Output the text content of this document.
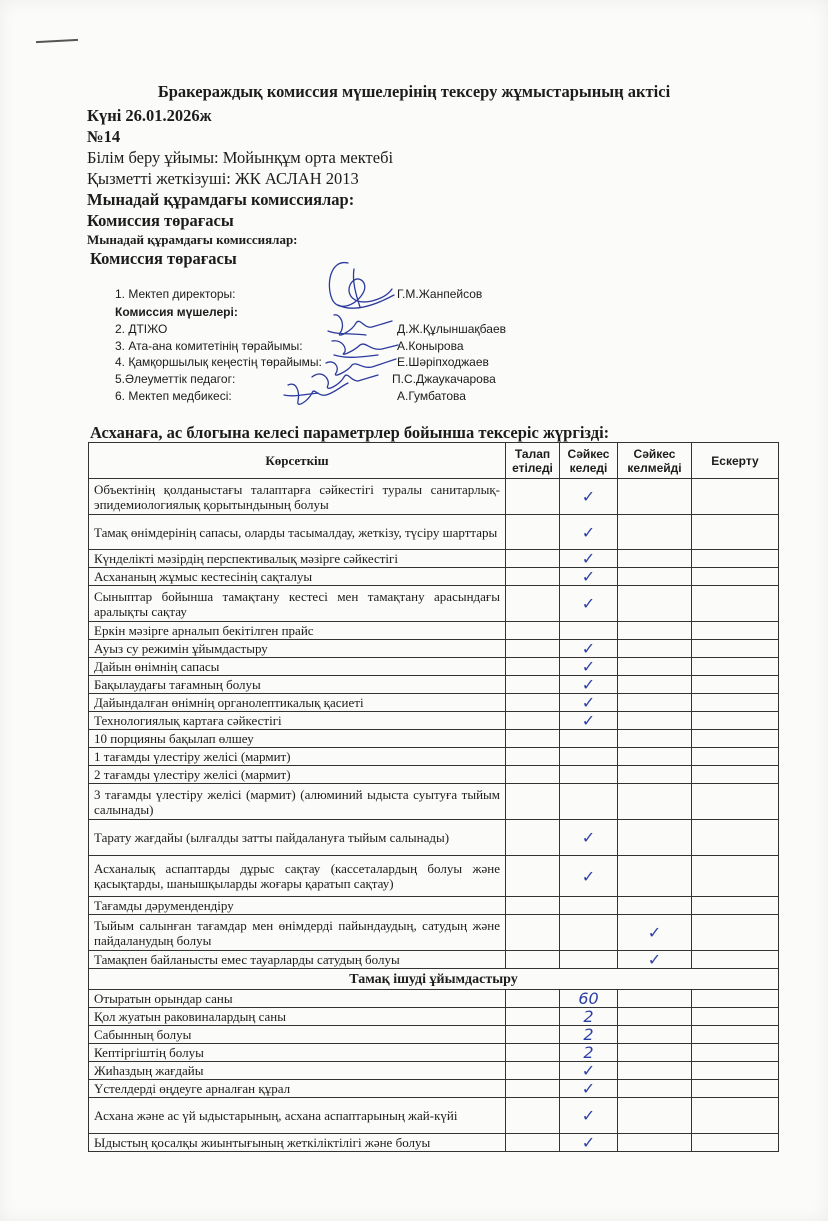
Бракераждық комиссия мүшелерінің тексеру жұмыстарының актісі
Күні 26.01.2026ж
№14
Білім беру ұйымы: Мойынқұм орта мектебі
Қызметті жеткізуші: ЖК АСЛАН 2013
Мынадай құрамдағы комиссиялар:
Комиссия төрағасы
Мынадай құрамдағы комиссиялар:
Комиссия төрағасы
1. Мектеп директоры:	Г.М.Жанпейсов
Комиссия мүшелері:
2. ДТІЖО	Д.Ж.Құлыншақбаев
3. Ата-ана комитетінің төрайымы:	А.Конырова
4. Қамқоршылық кеңестің төрайымы:	Е.Шәріпходжаев
5.Әлеуметтік педагог:	П.С.Джаукачарова
6. Мектеп медбикесі:	А.Гумбатова
Асханаға, ас блогына келесі параметрлер бойынша тексеріс жүргізді:
Көрсеткіш	Талап етіледі	Сәйкес келеді	Сәйкес келмейді	Ескерту
Объектінің қолданыстағы талаптарға сәйкестігі туралы санитарлық-эпидемиологиялық қорытындының болуы		✓		
Тамақ өнімдерінің сапасы, оларды тасымалдау, жеткізу, түсіру шарттары		✓		
Күнделікті мәзірдің перспективалық мәзірге сәйкестігі		✓		
Асхананың жұмыс кестесінің сақталуы		✓		
Сыныптар бойынша тамақтану кестесі мен тамақтану арасындағы аралықты сақтау		✓		
Еркін мәзірге арналып бекітілген прайс				
Ауыз су режимін ұйымдастыру		✓		
Дайын өнімнің сапасы		✓		
Бақылаудағы тағамның болуы		✓		
Дайындалған өнімнің органолептикалық қасиеті		✓		
Технологиялық картаға сәйкестігі		✓		
10 порцияны бақылап өлшеу				
1 тағамды үлестіру желісі (мармит)				
2 тағамды үлестіру желісі (мармит)				
3 тағамды үлестіру желісі (мармит) (алюминий ыдыста суытуға тыйым салынады)				
Тарату жағдайы (ылғалды затты пайдалануға тыйым салынады)		✓		
Асханалық аспаптарды дұрыс сақтау (кассеталардың болуы және қасықтарды, шанышқыларды жоғары қаратып сақтау)		✓		
Тағамды дәрумендендіру				
Тыйым салынған тағамдар мен өнімдерді пайындаудың, сатудың және пайдаланудың болуы			✓	
Тамақпен байланысты емес тауарларды сатудың болуы			✓	
Тамақ ішуді ұйымдастыру				
Отыратын орындар саны		60		
Қол жуатын раковиналардың саны		2		
Сабынның болуы		2		
Кептіргіштің болуы		2		
Жиһаздың жағдайы		✓		
Үстелдерді өңдеуге арналған құрал		✓		
Асхана және ас үй ыдыстарының, асхана аспаптарының жай-күйі		✓		
Ыдыстың қосалқы жиынтығының жеткіліктілігі және болуы		✓		
